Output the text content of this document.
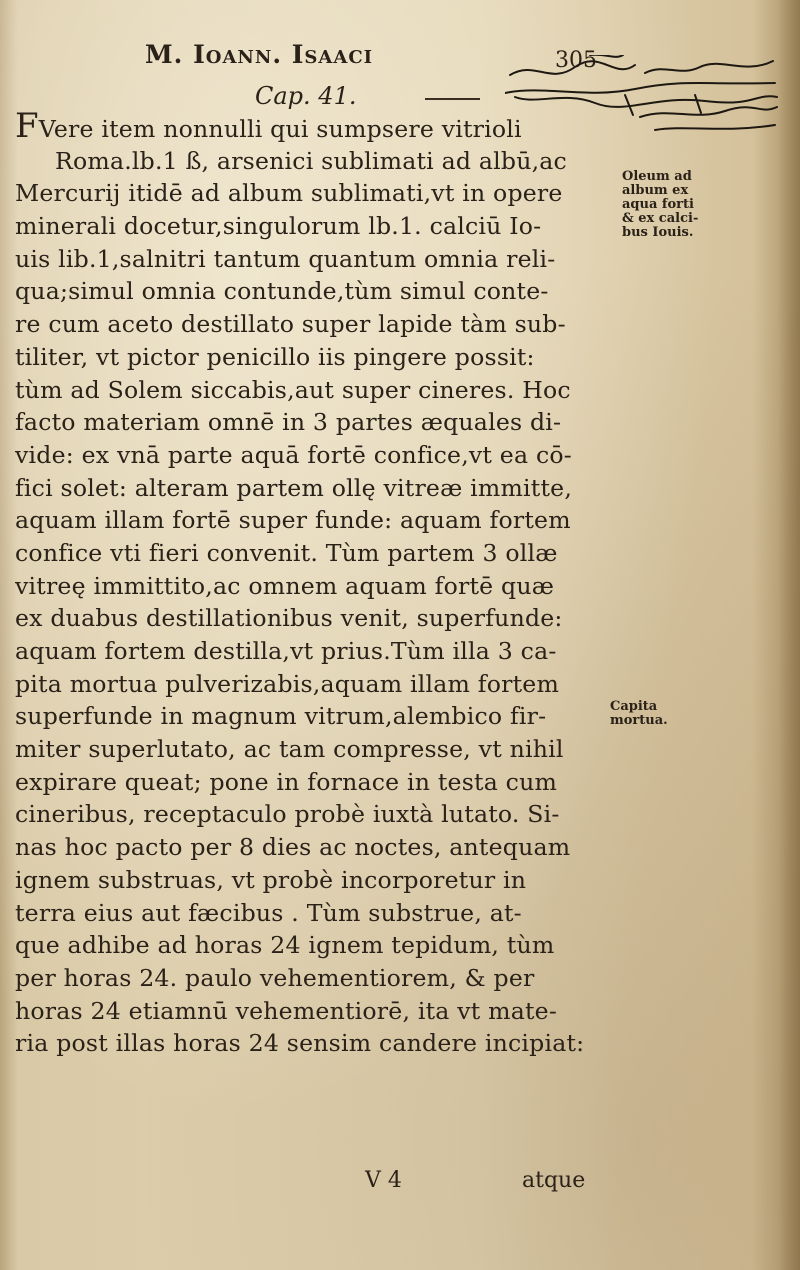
M. Ioann. Isaaci	305
Cap. 41.
FVere item nonnulli qui sumpsere vitrioli
Roma.lb.1 ß, arsenici sublimati ad albū,ac
Mercurij itidē ad album sublimati,vt in opere
minerali docetur,singulorum lb.1. calciū Io-
uis lib.1,salnitri tantum quantum omnia reli-
qua;simul omnia contunde,tùm simul conte-
re cum aceto destillato super lapide tàm sub-
tiliter, vt pictor penicillo iis pingere possit:
tùm ad Solem siccabis,aut super cineres. Hoc
facto materiam omnē in 3 partes æquales di-
vide: ex vnā parte aquā fortē confice,vt ea cō-
fici solet: alteram partem ollę vitreæ immitte,
aquam illam fortē super funde: aquam fortem
confice vti fieri convenit. Tùm partem 3 ollæ
vitreę immittito,ac omnem aquam fortē quæ
ex duabus destillationibus venit, superfunde:
aquam fortem destilla,vt prius.Tùm illa 3 ca-
pita mortua pulverizabis,aquam illam fortem
superfunde in magnum vitrum,alembico fir-
miter superlutato, ac tam compresse, vt nihil
expirare queat; pone in fornace in testa cum
cineribus, receptaculo probè iuxtà lutato. Si-
nas hoc pacto per 8 dies ac noctes, antequam
ignem substruas, vt probè incorporetur in
terra eius aut fæcibus . Tùm substrue, at-
que adhibe ad horas 24 ignem tepidum, tùm
per horas 24. paulo vehementiorem, & per
horas 24 etiamnū vehementiorē, ita vt mate-
ria post illas horas 24 sensim candere incipiat:
Oleum ad
album ex
aqua forti
& ex calci-
bus Iouis.
Capita
mortua.
V 4	atque
